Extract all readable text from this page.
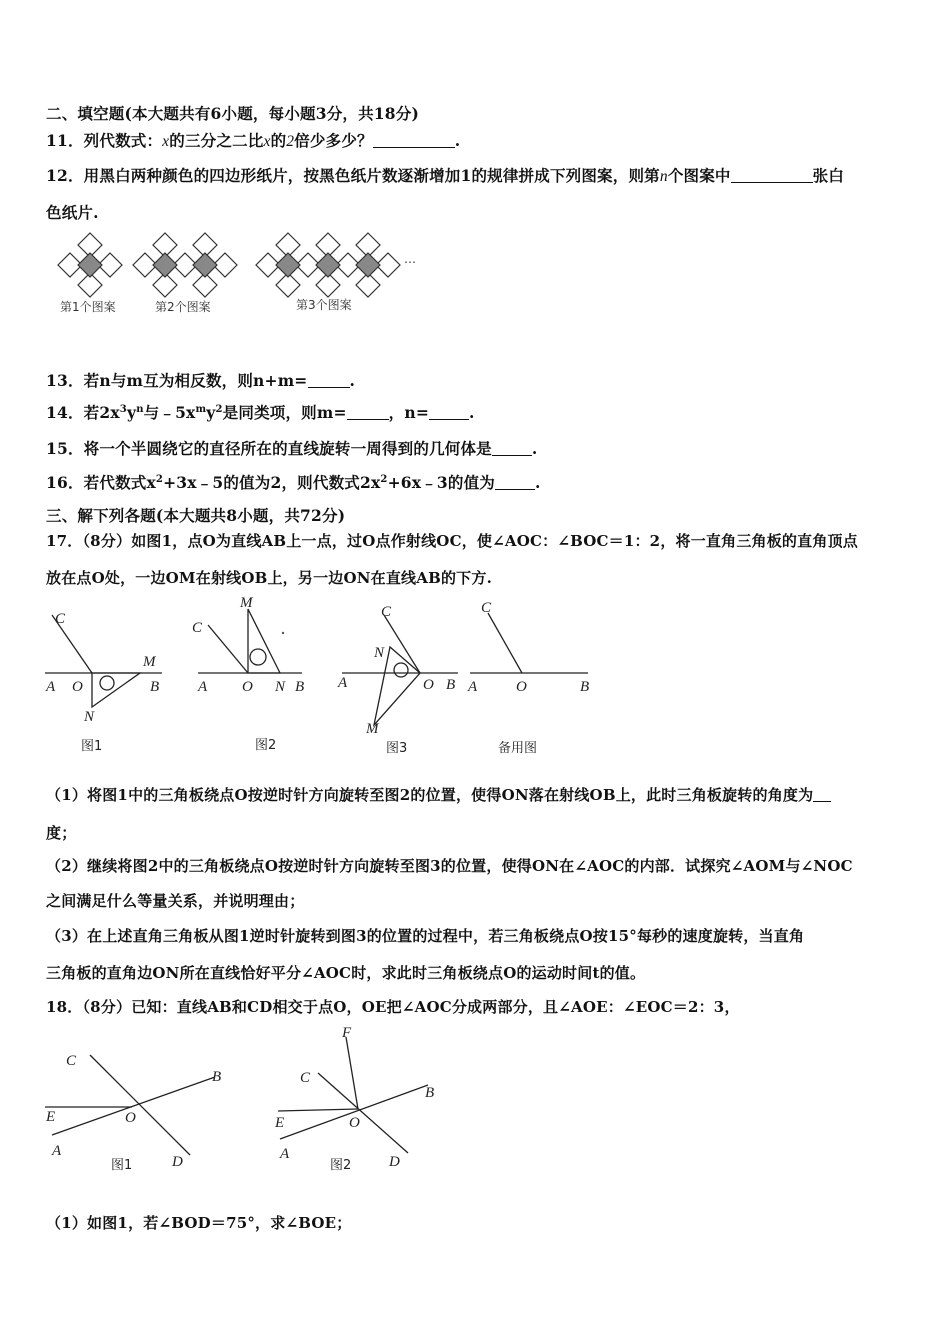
二、填空题(本大题共有6小题，每小题3分，共18分)
11．列代数式：x的三分之二比x的2倍少多少？	.
12．用黑白两种颜色的四边形纸片，按黑色纸片数逐渐增加1的规律拼成下列图案，则第n个图案中	张白
色纸片.
…
第1个图案	第2个图案	第3个图案
13．若n与m互为相反数，则n+m=	.
14．若$2x^3y^n$与$﹣5x^my^2$是同类项，则m=	，n=	.
15．将一个半圆绕它的直径所在的直线旋转一周得到的几何体是	.
16．若代数式$x^2+3x﹣5$的值为2，则代数式$2x^2+6x﹣3$的值为	.
三、解下列各题(本大题共8小题，共72分)
17．（8分）如图1，点O为直线AB上一点，过O点作射线OC，使∠AOC：∠BOC＝1：2，将一直角三角板的直角顶点
放在点O处，一边OM在射线OB上，另一边ON在直线AB的下方.
C
A O
M
B
N
图1
C
M
A O N B
图2
C
N
A	O B
M
图3
C
A	O	B
备用图
（1）将图1中的三角板绕点O按逆时针方向旋转至图2的位置，使得ON落在射线OB上，此时三角板旋转的角度为
度；
（2）继续将图2中的三角板绕点O按逆时针方向旋转至图3的位置，使得ON在∠AOC的内部．试探究∠AOM与∠NOC
之间满足什么等量关系，并说明理由；
（3）在上述直角三角板从图1逆时针旋转到图3的位置的过程中，若三角板绕点O按15°每秒的速度旋转，当直角
三角板的直角边ON所在直线恰好平分∠AOC时，求此时三角板绕点O的运动时间t的值。
18．（8分）已知：直线AB和CD相交于点O，OE把∠AOC分成两部分，且∠AOE：∠EOC＝2：3，
C
B
E	O
A
D
图1
F
C
B
E	O
A	D
图2
（1）如图1，若∠BOD＝75°，求∠BOE；
